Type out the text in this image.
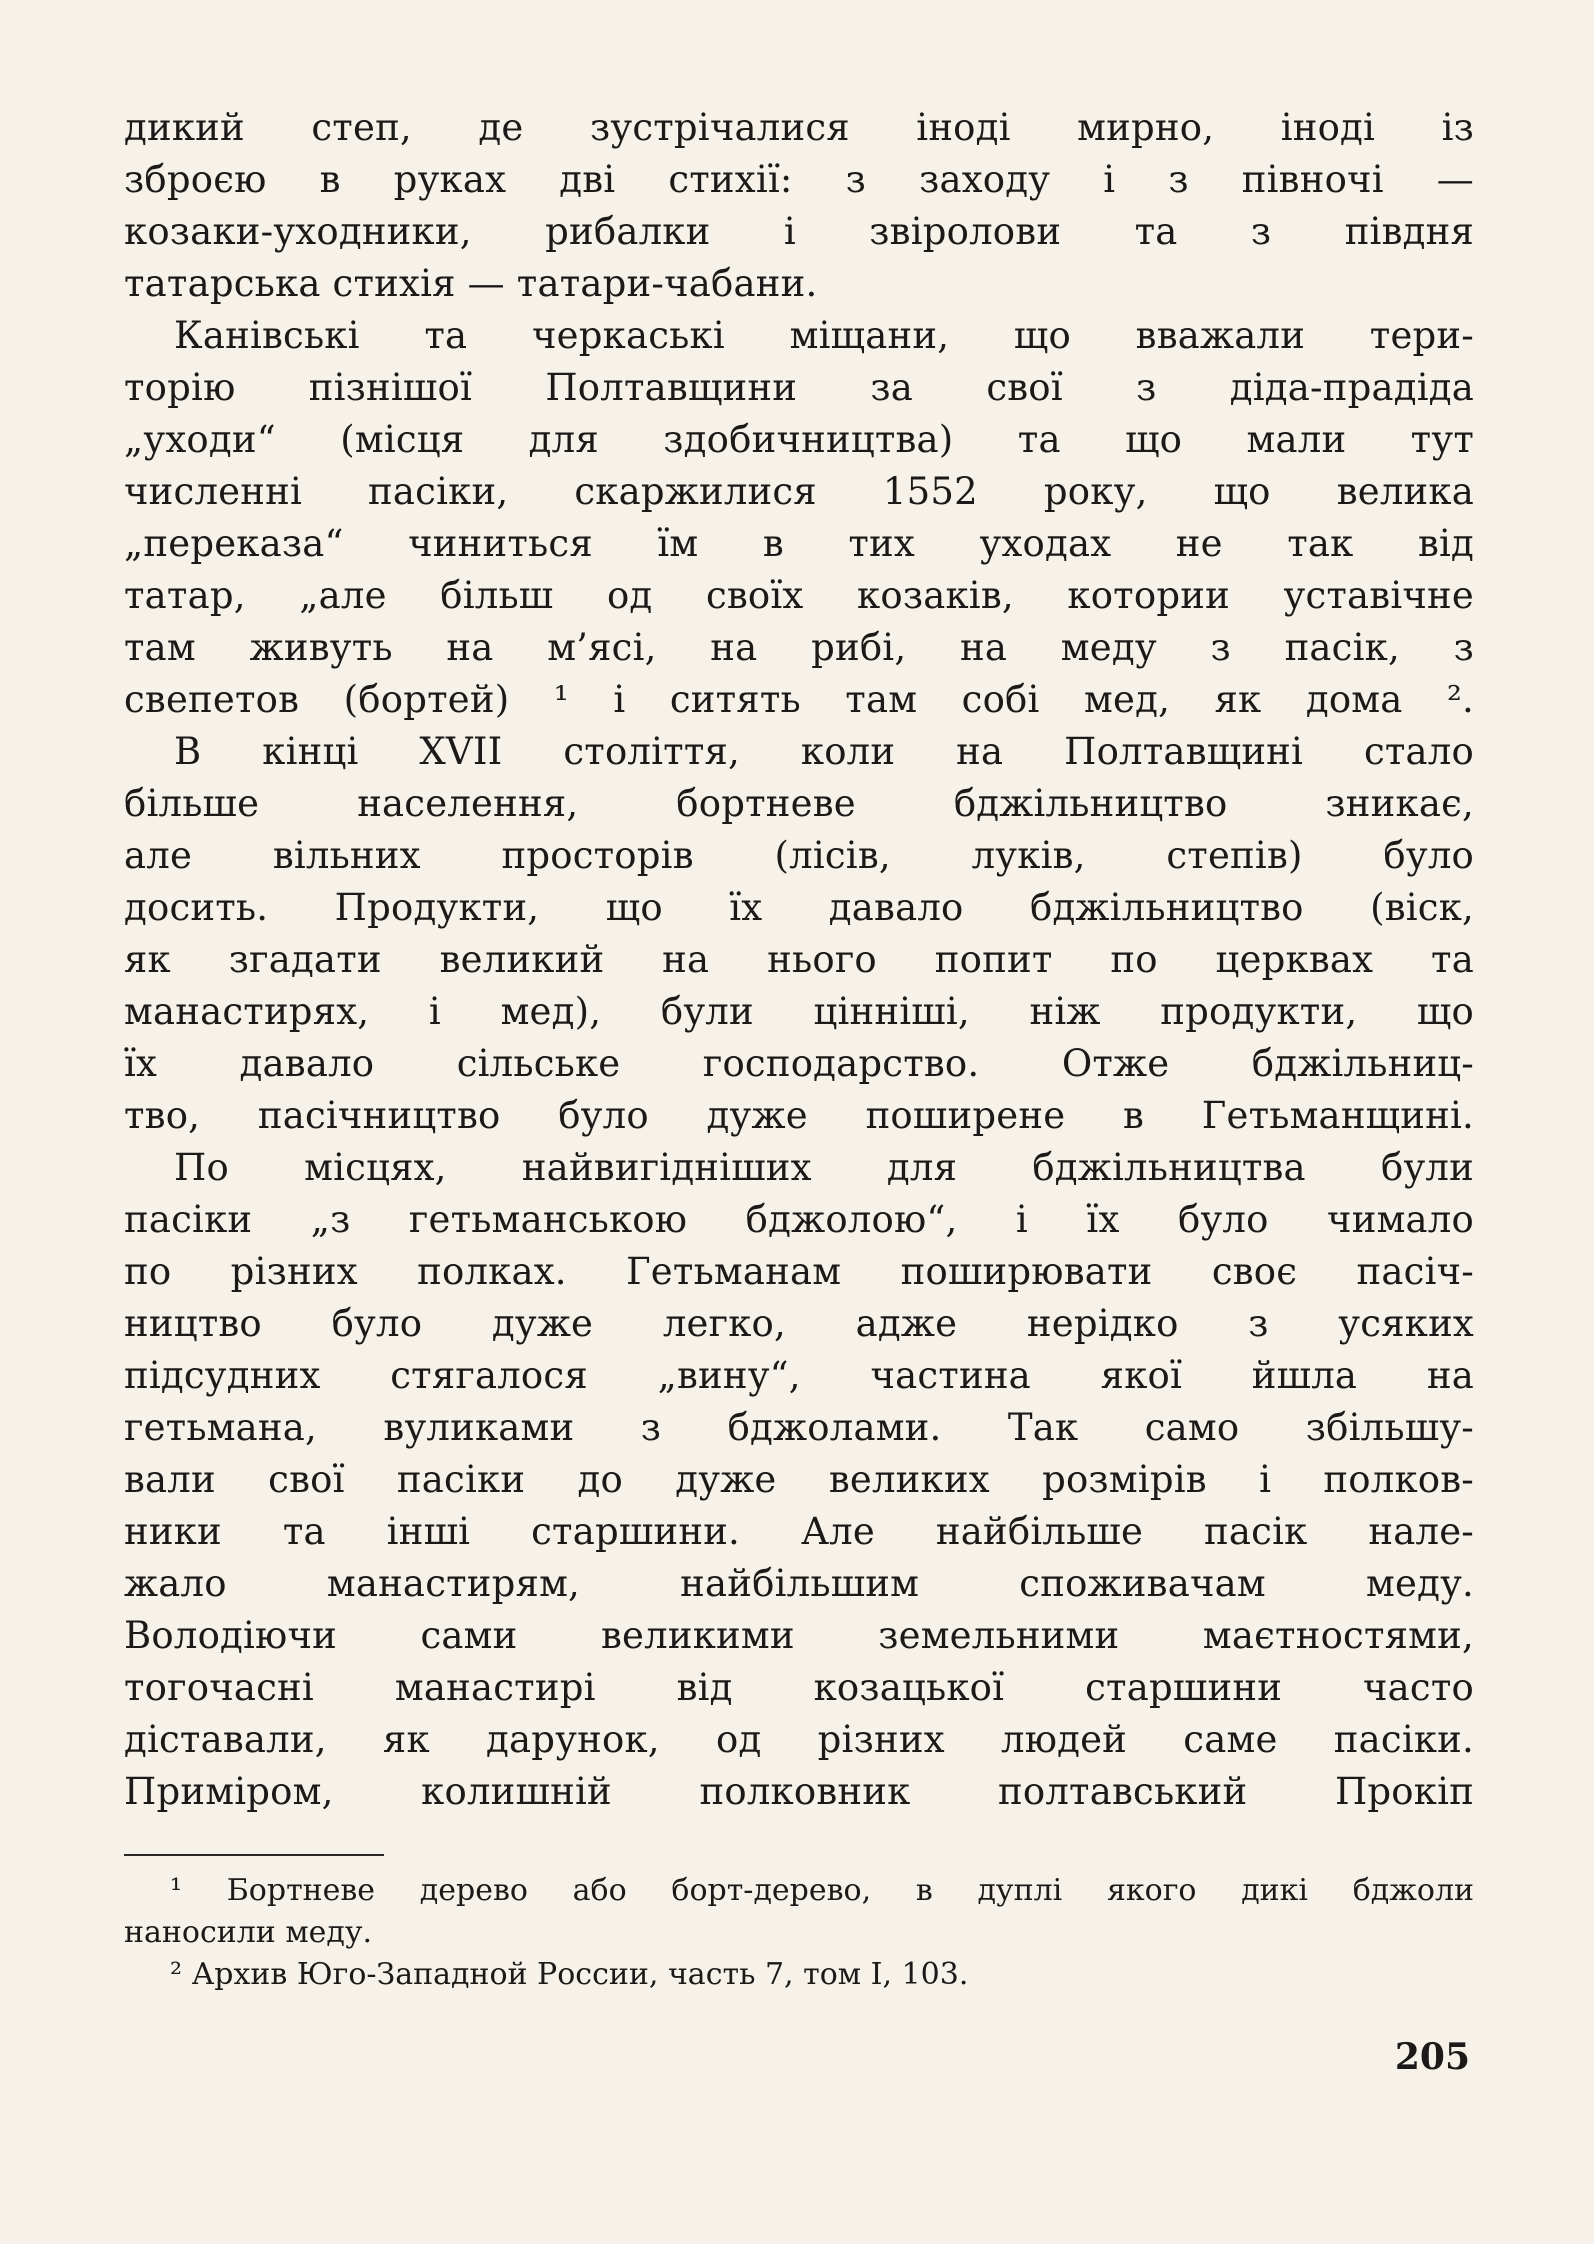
дикий степ, де зустрічалися іноді мирно, іноді із
зброєю в руках дві стихії: з заходу і з півночі —
козаки-уходники, рибалки і звіролови та з півдня
татарська стихія — татари-чабани.
Канівські та черкаські міщани, що вважали тери-
торію пізнішої Полтавщини за свої з діда-прадіда
„уходи“ (місця для здобичництва) та що мали тут
численні пасіки, скаржилися 1552 року, що велика
„переказа“ чиниться їм в тих уходах не так від
татар, „але більш од своїх козаків, котории уставічне
там живуть на м’ясі, на рибі, на меду з пасік, з
свепетов (бортей) ¹ і ситять там собі мед, як дома ².
В кінці XVII століття, коли на Полтавщині стало
більше населення, бортневе бджільництво зникає,
але вільних просторів (лісів, луків, степів) було
досить. Продукти, що їх давало бджільництво (віск,
як згадати великий на нього попит по церквах та
манастирях, і мед), були цінніші, ніж продукти, що
їх давало сільське господарство. Отже бджільниц-
тво, пасічництво було дуже поширене в Гетьманщині.
По місцях, найвигідніших для бджільництва були
пасіки „з гетьманською бджолою“, і їх було чимало
по різних полках. Гетьманам поширювати своє пасіч-
ництво було дуже легко, адже нерідко з усяких
підсудних стягалося „вину“, частина якої йшла на
гетьмана, вуликами з бджолами. Так само збільшу-
вали свої пасіки до дуже великих розмірів і полков-
ники та інші старшини. Але найбільше пасік нале-
жало манастирям, найбільшим споживачам меду.
Володіючи сами великими земельними маєтностями,
тогочасні манастирі від козацької старшини часто
діставали, як дарунок, од різних людей саме пасіки.
Примірoм, колишній полковник полтавський Прокіп
¹ Бортневе дерево або борт-дерево, в дуплі якого дикі бджоли
наносили меду.
² Архив Юго-Западной России, часть 7, том I, 103.
205
